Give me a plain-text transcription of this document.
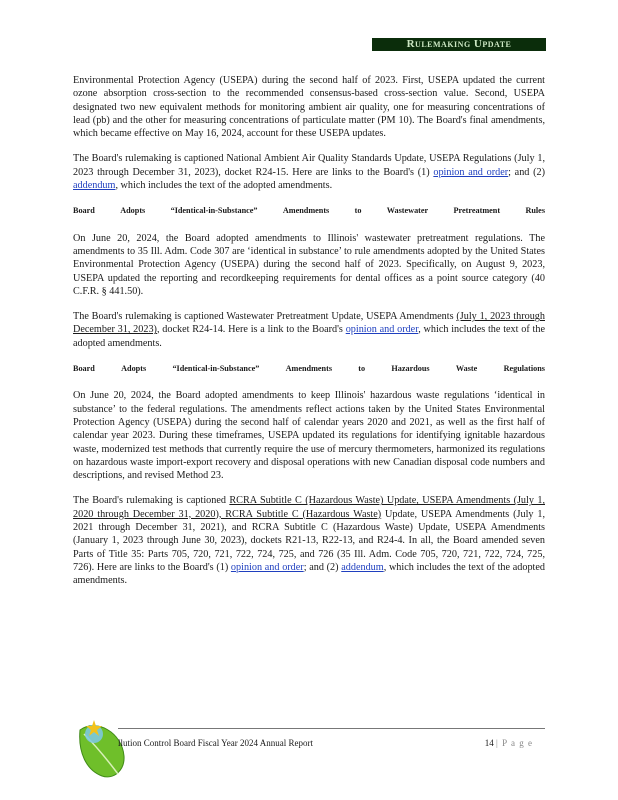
Rulemaking Update

Environmental Protection Agency (USEPA) during the second half of 2023. First, USEPA updated the current ozone absorption cross-section to the recommended consensus-based cross-section value. Second, USEPA designated two new equivalent methods for monitoring ambient air quality, one for measuring concentrations of lead (pb) and the other for measuring concentrations of particulate matter (PM 10). The Board's final amendments, which became effective on May 16, 2024, account for these USEPA updates.

The Board's rulemaking is captioned National Ambient Air Quality Standards Update, USEPA Regulations (July 1, 2023 through December 31, 2023), docket R24-15. Here are links to the Board's (1) opinion and order; and (2) addendum, which includes the text of the adopted amendments.

Board	Adopts	“Identical-in-Substance”	Amendments	to	Wastewater	Pretreatment	Rules

On June 20, 2024, the Board adopted amendments to Illinois' wastewater pretreatment regulations. The amendments to 35 Ill. Adm. Code 307 are ‘identical in substance’ to rule amendments adopted by the United States Environmental Protection Agency (USEPA) during the second half of 2023. Specifically, on August 9, 2023, USEPA updated the reporting and recordkeeping requirements for dental offices as a point source category (40 C.F.R. § 441.50).

The Board's rulemaking is captioned Wastewater Pretreatment Update, USEPA Amendments (July 1, 2023 through December 31, 2023), docket R24-14. Here is a link to the Board's opinion and order, which includes the text of the adopted amendments.

Board	Adopts	“Identical-in-Substance”	Amendments	to	Hazardous	Waste	Regulations

On June 20, 2024, the Board adopted amendments to keep Illinois' hazardous waste regulations ‘identical in substance’ to the federal regulations. The amendments reflect actions taken by the United States Environmental Protection Agency (USEPA) during the second half of calendar years 2020 and 2021, as well as the first half of calendar year 2023. During these timeframes, USEPA updated its regulations for identifying ignitable hazardous waste, modernized test methods that currently require the use of mercury thermometers, harmonized its regulations on hazardous waste import-export recovery and disposal operations with new Canadian disposal code numbers and descriptions, and revised Method 23.

The Board's rulemaking is captioned RCRA Subtitle C (Hazardous Waste) Update, USEPA Amendments (July 1, 2020 through December 31, 2020), RCRA Subtitle C (Hazardous Waste) Update, USEPA Amendments (July 1, 2021 through December 31, 2021), and RCRA Subtitle C (Hazardous Waste) Update, USEPA Amendments (January 1, 2023 through June 30, 2023), dockets R21-13, R22-13, and R24-4. In all, the Board amended seven Parts of Title 35: Parts 705, 720, 721, 722, 724, 725, and 726 (35 Ill. Adm. Code 705, 720, 721, 722, 724, 725, 726). Here are links to the Board's (1) opinion and order; and (2) addendum, which includes the text of the adopted amendments.

llution Control Board Fiscal Year 2024 Annual Report	14 | P a g e
